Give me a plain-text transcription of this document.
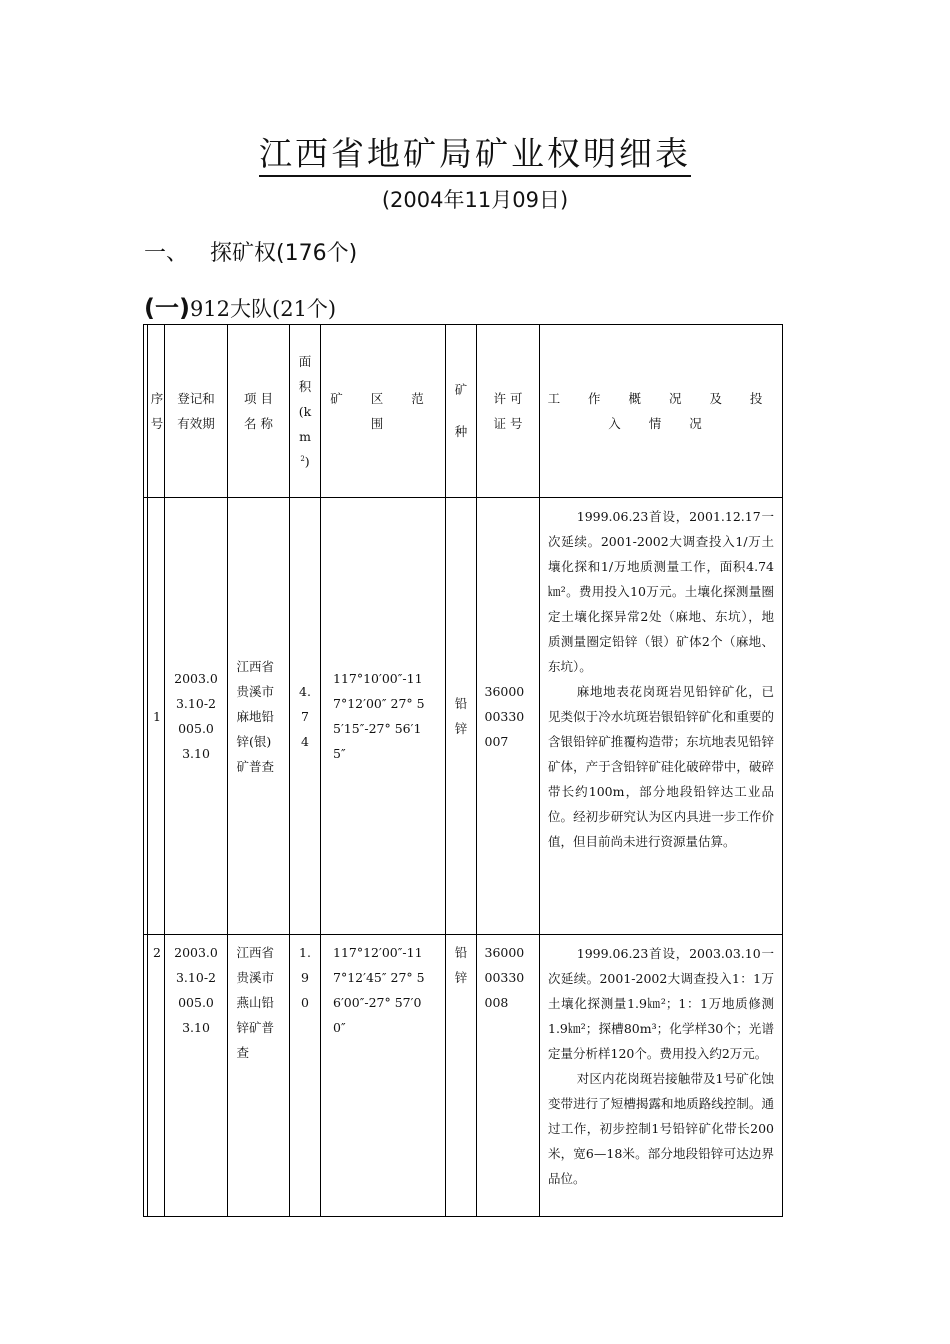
江西省地矿局矿业权明细表
(2004年11月09日)
一、 探矿权(176个)
(一)912大队(21个)
序号	登记和有效期	项 目 名 称	面积$(km^2)$	矿 区 范 围	矿种	许 可 证 号	工 作 概 况 及 投 入 情 况

1	2003.03.10-2005.03.10	江西省贵溪市麻地铅锌(银)矿普查	4.74	117°10′00″-117°12′00″ 27° 55′15″-27° 56′15″	铅锌	3600000330007	1999.06.23首设，2001.12.17一次延续。2001-2002大调查投入1/万土壤化探和1/万地质测量工作，面积4.74㎞²。费用投入10万元。土壤化探测量圈定土壤化探异常2处（麻地、东坑），地质测量圈定铅锌（银）矿体2个（麻地、东坑）。

麻地地表花岗斑岩见铅锌矿化，已见类似于冷水坑斑岩银铅锌矿化和重要的含银铅锌矿推覆构造带；东坑地表见铅锌矿体，产于含铅锌矿硅化破碎带中，破碎带长约100m，部分地段铅锌达工业品位。经初步研究认为区内具进一步工作价值，但目前尚未进行资源量估算。

2	2003.03.10-2005.03.10	江西省贵溪市燕山铅锌矿普查	1.90	117°12′00″-117°12′45″ 27° 56′00″-27° 57′00″	铅锌	3600000330008	1999.06.23首设，2003.03.10一次延续。2001-2002大调查投入1：1万土壤化探测量1.9㎞²；1：1万地质修测1.9㎞²；探槽80m³；化学样30个；光谱定量分析样120个。费用投入约2万元。

对区内花岗斑岩接触带及1号矿化蚀变带进行了短槽揭露和地质路线控制。通过工作，初步控制1号铅锌矿化带长200米，宽6—18米。部分地段铅锌可达边界品位。
